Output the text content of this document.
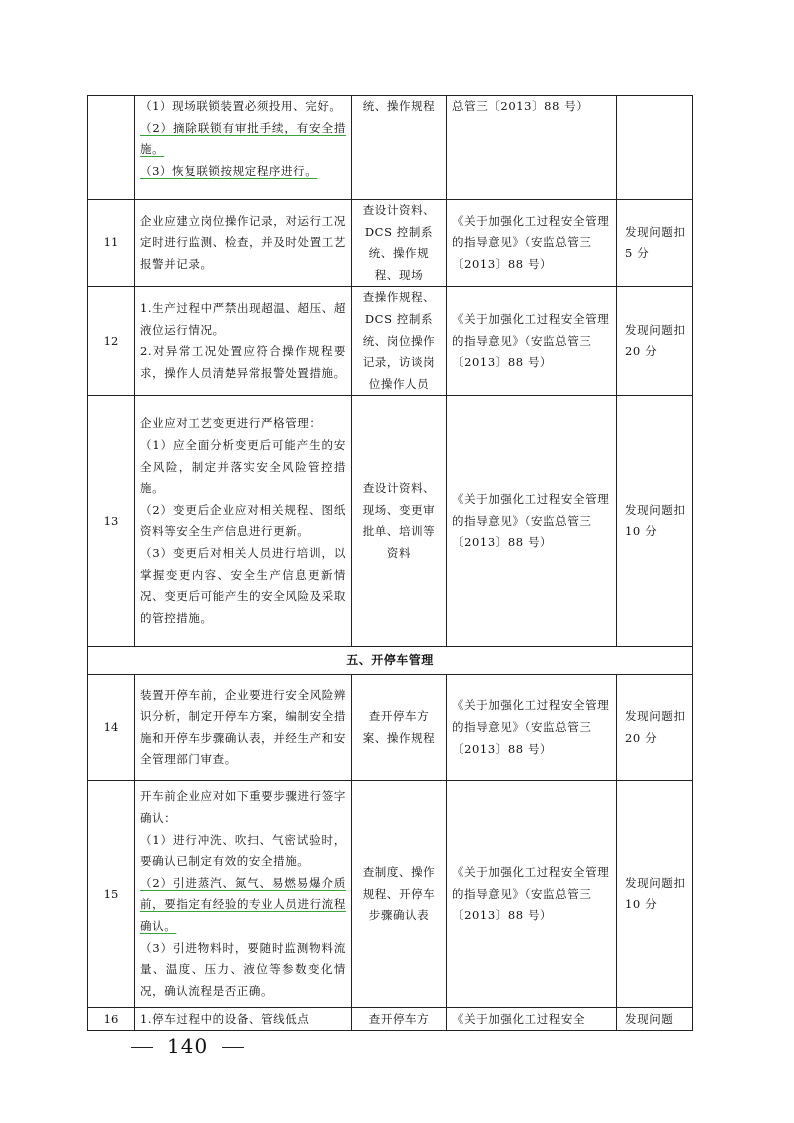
	（1）现场联锁装置必须投用、完好。
（2）摘除联锁有审批手续，有安全措施。
（3）恢复联锁按规定程序进行。	统、操作规程	总管三〔2013〕88 号）	
11	企业应建立岗位操作记录，对运行工况定时进行监测、检查，并及时处置工艺报警并记录。	查设计资料、DCS 控制系统、操作规程、现场	《关于加强化工过程安全管理的指导意见》（安监总管三〔2013〕88 号）	发现问题扣 5 分
12	1.生产过程中严禁出现超温、超压、超液位运行情况。
2.对异常工况处置应符合操作规程要求，操作人员清楚异常报警处置措施。	查操作规程、DCS 控制系统、岗位操作记录，访谈岗位操作人员	《关于加强化工过程安全管理的指导意见》（安监总管三〔2013〕88 号）	发现问题扣 20 分
13	企业应对工艺变更进行严格管理：
（1）应全面分析变更后可能产生的安全风险，制定并落实安全风险管控措施。
（2）变更后企业应对相关规程、图纸资料等安全生产信息进行更新。
（3）变更后对相关人员进行培训，以掌握变更内容、安全生产信息更新情况、变更后可能产生的安全风险及采取的管控措施。	查设计资料、现场、变更审批单、培训等资料	《关于加强化工过程安全管理的指导意见》（安监总管三〔2013〕88 号）	发现问题扣 10 分
五、开停车管理				
14	装置开停车前，企业要进行安全风险辨识分析，制定开停车方案，编制安全措施和开停车步骤确认表，并经生产和安全管理部门审查。	查开停车方案、操作规程	《关于加强化工过程安全管理的指导意见》（安监总管三〔2013〕88 号）	发现问题扣 20 分
15	开车前企业应对如下重要步骤进行签字确认：
（1）进行冲洗、吹扫、气密试验时，要确认已制定有效的安全措施。
（2）引进蒸汽、氮气、易燃易爆介质前，要指定有经验的专业人员进行流程确认。
（3）引进物料时，要随时监测物料流量、温度、压力、液位等参数变化情况，确认流程是否正确。	查制度、操作规程、开停车步骤确认表	《关于加强化工过程安全管理的指导意见》（安监总管三〔2013〕88 号）	发现问题扣 10 分
16	1.停车过程中的设备、管线低点	查开停车方	《关于加强化工过程安全	发现问题
140
